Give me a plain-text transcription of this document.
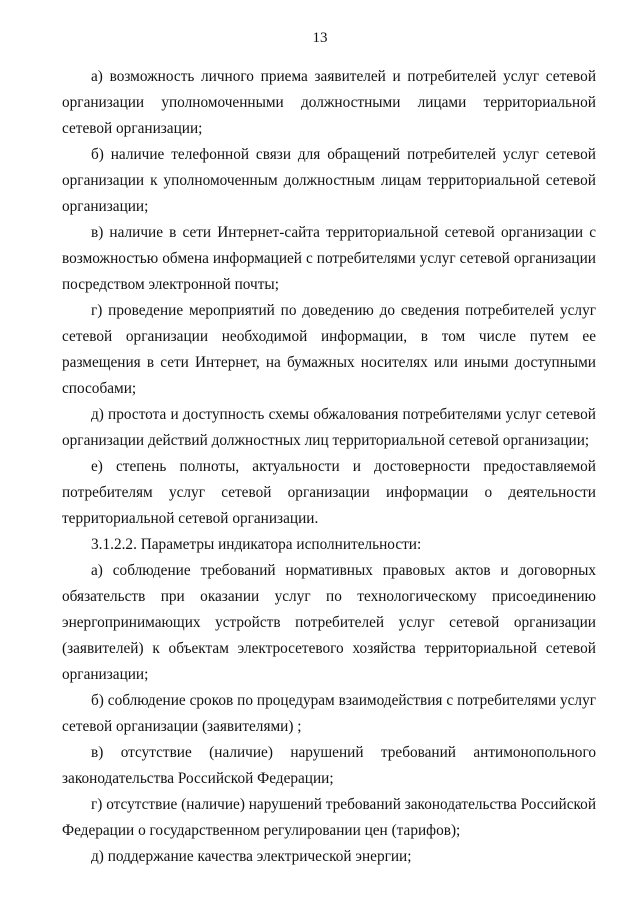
13

а) возможность личного приема заявителей и потребителей услуг сетевой организации уполномоченными должностными лицами территориальной сетевой организации;

б) наличие телефонной связи для обращений потребителей услуг сетевой организации к уполномоченным должностным лицам территориальной сетевой организации;

в) наличие в сети Интернет-сайта территориальной сетевой организации с возможностью обмена информацией с потребителями услуг сетевой организации посредством электронной почты;

г) проведение мероприятий по доведению до сведения потребителей услуг сетевой организации необходимой информации, в том числе путем ее размещения в сети Интернет, на бумажных носителях или иными доступными способами;

д) простота и доступность схемы обжалования потребителями услуг сетевой организации действий должностных лиц территориальной сетевой организации;

е) степень полноты, актуальности и достоверности предоставляемой потребителям услуг сетевой организации информации о деятельности территориальной сетевой организации.

3.1.2.2. Параметры индикатора исполнительности:

а) соблюдение требований нормативных правовых актов и договорных обязательств при оказании услуг по технологическому присоединению энергопринимающих устройств потребителей услуг сетевой организации (заявителей) к объектам электросетевого хозяйства территориальной сетевой организации;

б) соблюдение сроков по процедурам взаимодействия с потребителями услуг сетевой организации (заявителями) ;

в) отсутствие (наличие) нарушений требований антимонопольного законодательства Российской Федерации;

г) отсутствие (наличие) нарушений требований законодательства Российской Федерации о государственном регулировании цен (тарифов);

д) поддержание качества электрической энергии;
